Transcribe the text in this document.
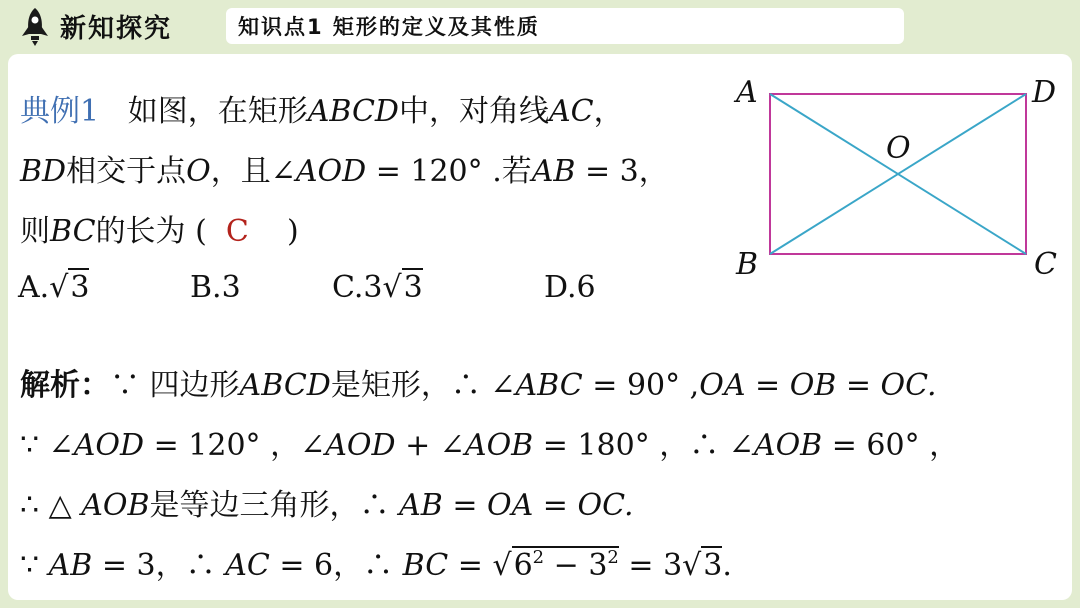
新知探究	知识点1 矩形的定义及其性质
典例1 如图，在矩形ABCD中，对角线AC，
BD相交于点O，且∠AOD = 120° .若AB = 3，
则BC的长为 ( C )
A.√3	B.3	C.3√3	D.6
解析：∵ 四边形ABCD是矩形，∴ ∠ABC = 90° ,OA = OB = OC.
∵ ∠AOD = 120° ，∠AOD + ∠AOB = 180° ，∴ ∠AOB = 60° ，
∴ △ AOB是等边三角形，∴ AB = OA = OC.
∵ AB = 3，∴ AC = 6，∴ BC = $√6^2 - 3^2 = 3√3$.
A	D
B	C
O
